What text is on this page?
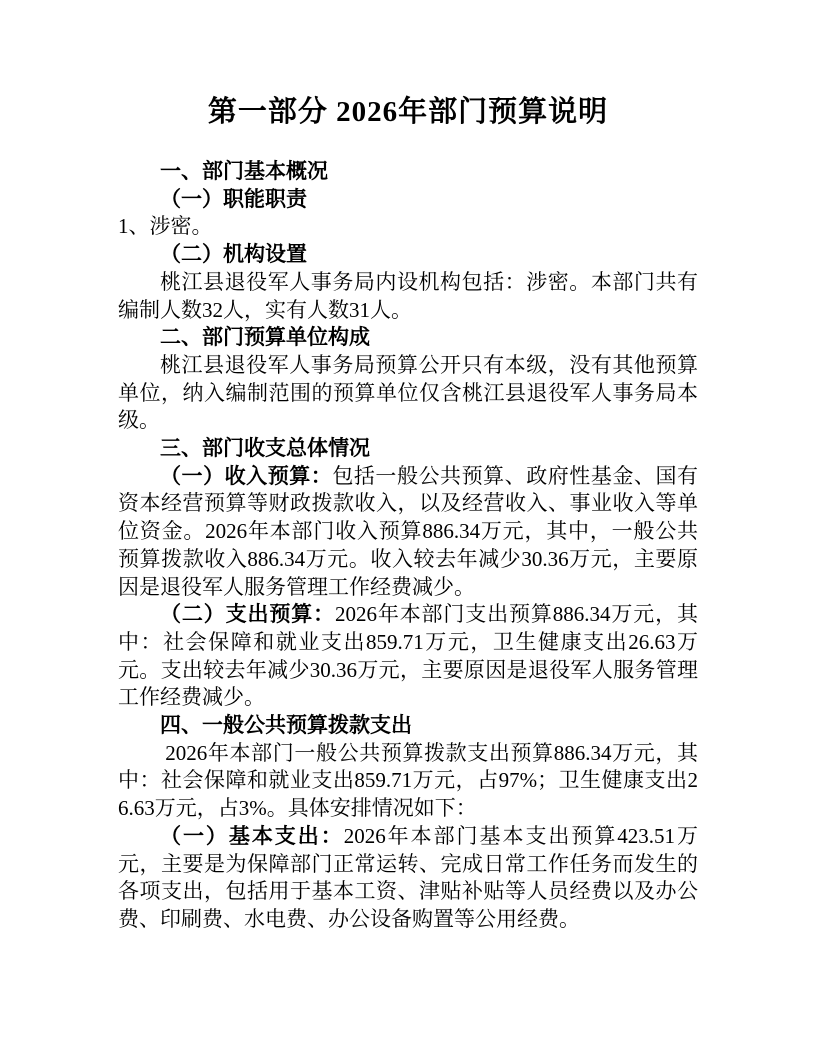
第一部分 2026年部门预算说明

一、部门基本概况

（一）职能职责

1、涉密。

（二）机构设置

桃江县退役军人事务局内设机构包括：涉密。本部门共有编制人数32人，实有人数31人。

二、部门预算单位构成

桃江县退役军人事务局预算公开只有本级，没有其他预算单位，纳入编制范围的预算单位仅含桃江县退役军人事务局本级。

三、部门收支总体情况

（一）收入预算：包括一般公共预算、政府性基金、国有资本经营预算等财政拨款收入，以及经营收入、事业收入等单位资金。2026年本部门收入预算886.34万元，其中，一般公共预算拨款收入886.34万元。收入较去年减少30.36万元，主要原因是退役军人服务管理工作经费减少。

（二）支出预算：2026年本部门支出预算886.34万元，其中：社会保障和就业支出859.71万元，卫生健康支出26.63万元。支出较去年减少30.36万元，主要原因是退役军人服务管理工作经费减少。

四、一般公共预算拨款支出

2026年本部门一般公共预算拨款支出预算886.34万元，其中：社会保障和就业支出859.71万元，占97%；卫生健康支出26.63万元，占3%。具体安排情况如下：

（一）基本支出：2026年本部门基本支出预算423.51万元，主要是为保障部门正常运转、完成日常工作任务而发生的各项支出，包括用于基本工资、津贴补贴等人员经费以及办公费、印刷费、水电费、办公设备购置等公用经费。
